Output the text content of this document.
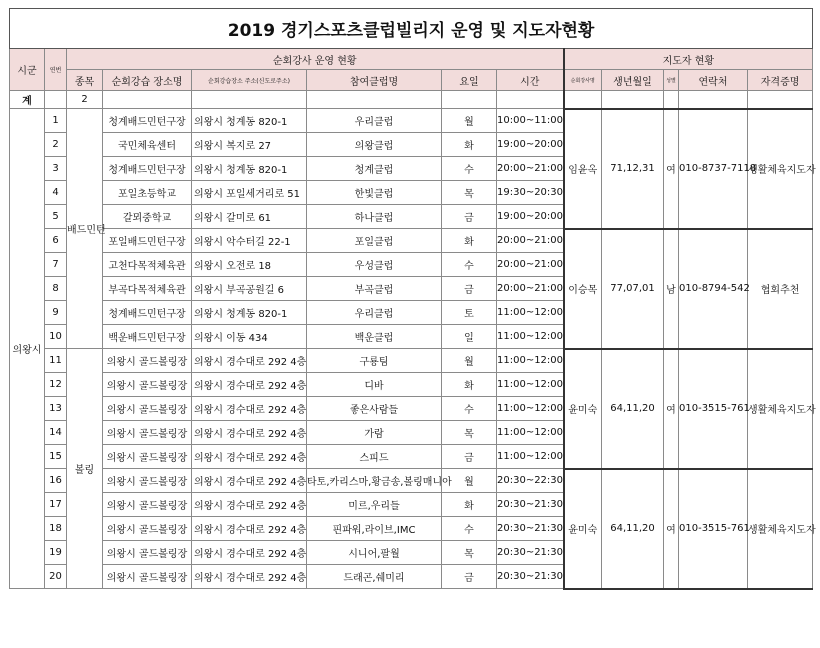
2019 경기스포츠클럽빌리지 운영 및 지도자현황												
시군	연번	순회강사 운영 현황						지도자 현황				
		종목	순회강습 장소명	순회강습장소 주소(신도로주소)	참여클럽명	요일	시간	순회강사명	생년월일	성별	연락처	자격증명
계		2										
의왕시	1	배드민턴	청계배드민턴구장	의왕시 청계동 820-1	우리클럽	월	10:00~11:00	임윤옥	71,12,31	여	010-8737-7118	생활체육지도자
	2		국민체육센터	의왕시 복지로 27	의왕클럽	화	19:00~20:00					
	3		청계배드민턴구장	의왕시 청계동 820-1	청계클럽	수	20:00~21:00					
	4		포일초등학교	의왕시 포일세거리로 51	한빛클럽	목	19:30~20:30					
	5		갈뫼중학교	의왕시 갈미로 61	하나클럽	금	19:00~20:00					
	6		포일배드민턴구장	의왕시 악수터길 22-1	포일클럽	화	20:00~21:00	이승목	77,07,01	남	010-8794-542	협회추천
	7		고천다목적체육관	의왕시 오전로 18	우성클럽	수	20:00~21:00					
	8		부곡다목적체육관	의왕시 부곡공원길 6	부곡클럽	금	20:00~21:00					
	9		청계배드민턴구장	의왕시 청계동 820-1	우리클럽	토	11:00~12:00					
	10		백운배드민턴구장	의왕시 이동 434	백운클럽	일	11:00~12:00					
	11	볼링	의왕시 골드볼링장	의왕시 경수대로 292 4층	구룡팀	월	11:00~12:00	윤미숙	64,11,20	여	010-3515-761	생활체육지도자
	12		의왕시 골드볼링장	의왕시 경수대로 292 4층	디바	화	11:00~12:00					
	13		의왕시 골드볼링장	의왕시 경수대로 292 4층	좋은사람들	수	11:00~12:00					
	14		의왕시 골드볼링장	의왕시 경수대로 292 4층	가람	목	11:00~12:00					
	15		의왕시 골드볼링장	의왕시 경수대로 292 4층	스피드	금	11:00~12:00					
	16		의왕시 골드볼링장	의왕시 경수대로 292 4층	타토,카리스마,황금송,볼링매니아	월	20:30~22:30	윤미숙	64,11,20	여	010-3515-761	생활체육지도자
	17		의왕시 골드볼링장	의왕시 경수대로 292 4층	미르,우리들	화	20:30~21:30					
	18		의왕시 골드볼링장	의왕시 경수대로 292 4층	핀파워,라이브,IMC	수	20:30~21:30					
	19		의왕시 골드볼링장	의왕시 경수대로 292 4층	시니어,팔월	목	20:30~21:30					
	20		의왕시 골드볼링장	의왕시 경수대로 292 4층	드래곤,쉐미리	금	20:30~21:30					
